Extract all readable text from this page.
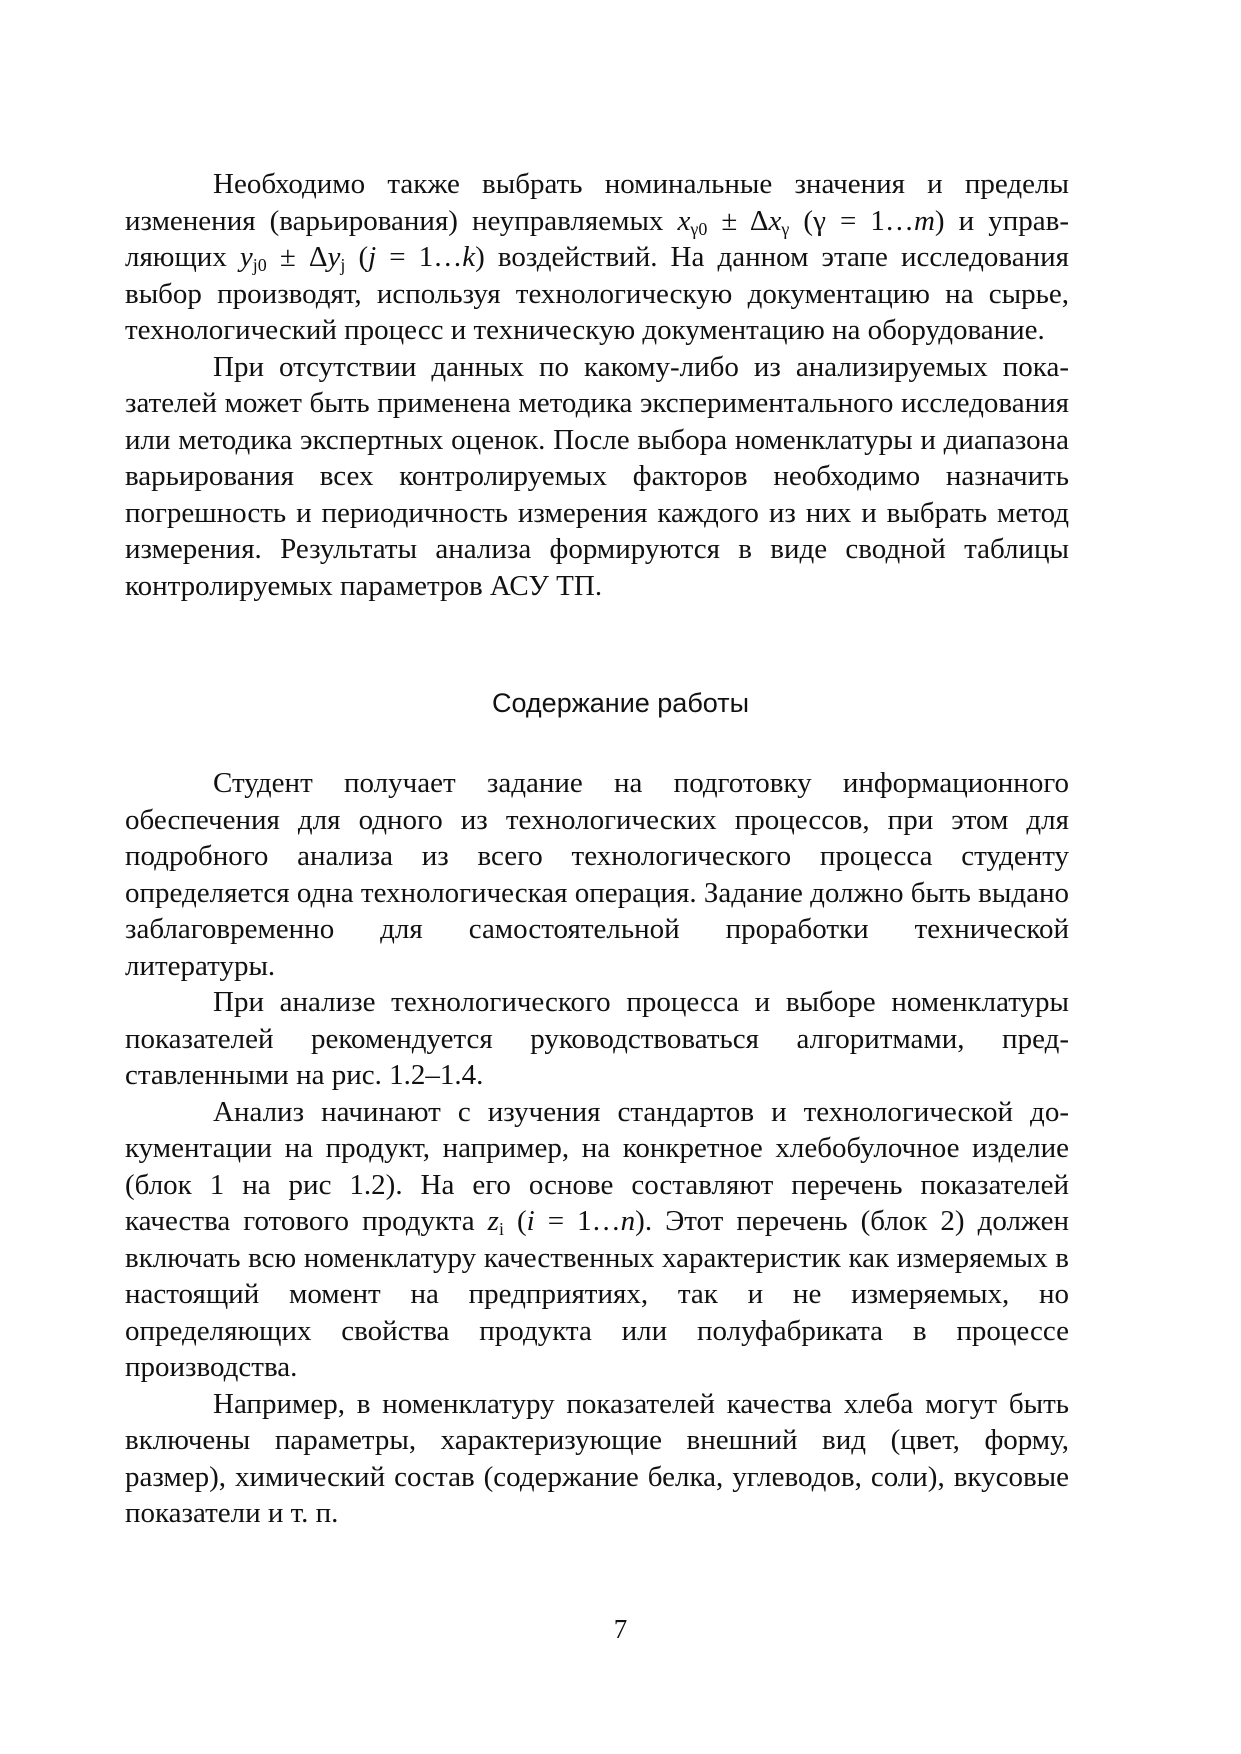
Необходимо также выбрать номинальные значения и пределы изменения (варьирования) неуправляемых $x_{\gamma 0} \pm \Delta x_\gamma$ (γ = 1…m) и управляющих $y_{j0} \pm \Delta y_j$ (j = 1…k) воздействий. На данном этапе исследования выбор производят, используя технологическую документацию на сырье, технологический процесс и техническую документацию на оборудование.

При отсутствии данных по какому-либо из анализируемых показателей может быть применена методика экспериментального исследования или методика экспертных оценок. После выбора номенклатуры и диапазона варьирования всех контролируемых факторов необходимо назначить погрешность и периодичность измерения каждого из них и выбрать метод измерения. Результаты анализа формируются в виде сводной таблицы контролируемых параметров АСУ ТП.

Содержание работы

Студент получает задание на подготовку информационного обеспечения для одного из технологических процессов, при этом для подробного анализа из всего технологического процесса студенту определяется одна технологическая операция. Задание должно быть выдано заблаговременно для самостоятельной проработки технической литературы.

При анализе технологического процесса и выборе номенклатуры показателей рекомендуется руководствоваться алгоритмами, представленными на рис. 1.2–1.4.

Анализ начинают с изучения стандартов и технологической документации на продукт, например, на конкретное хлебобулочное изделие (блок 1 на рис 1.2). На его основе составляют перечень показателей качества готового продукта $z_i$ (i = 1…n). Этот перечень (блок 2) должен включать всю номенклатуру качественных характеристик как измеряемых в настоящий момент на предприятиях, так и не измеряемых, но определяющих свойства продукта или полуфабриката в процессе производства.

Например, в номенклатуру показателей качества хлеба могут быть включены параметры, характеризующие внешний вид (цвет, форму, размер), химический состав (содержание белка, углеводов, соли), вкусовые показатели и т. п.

7
